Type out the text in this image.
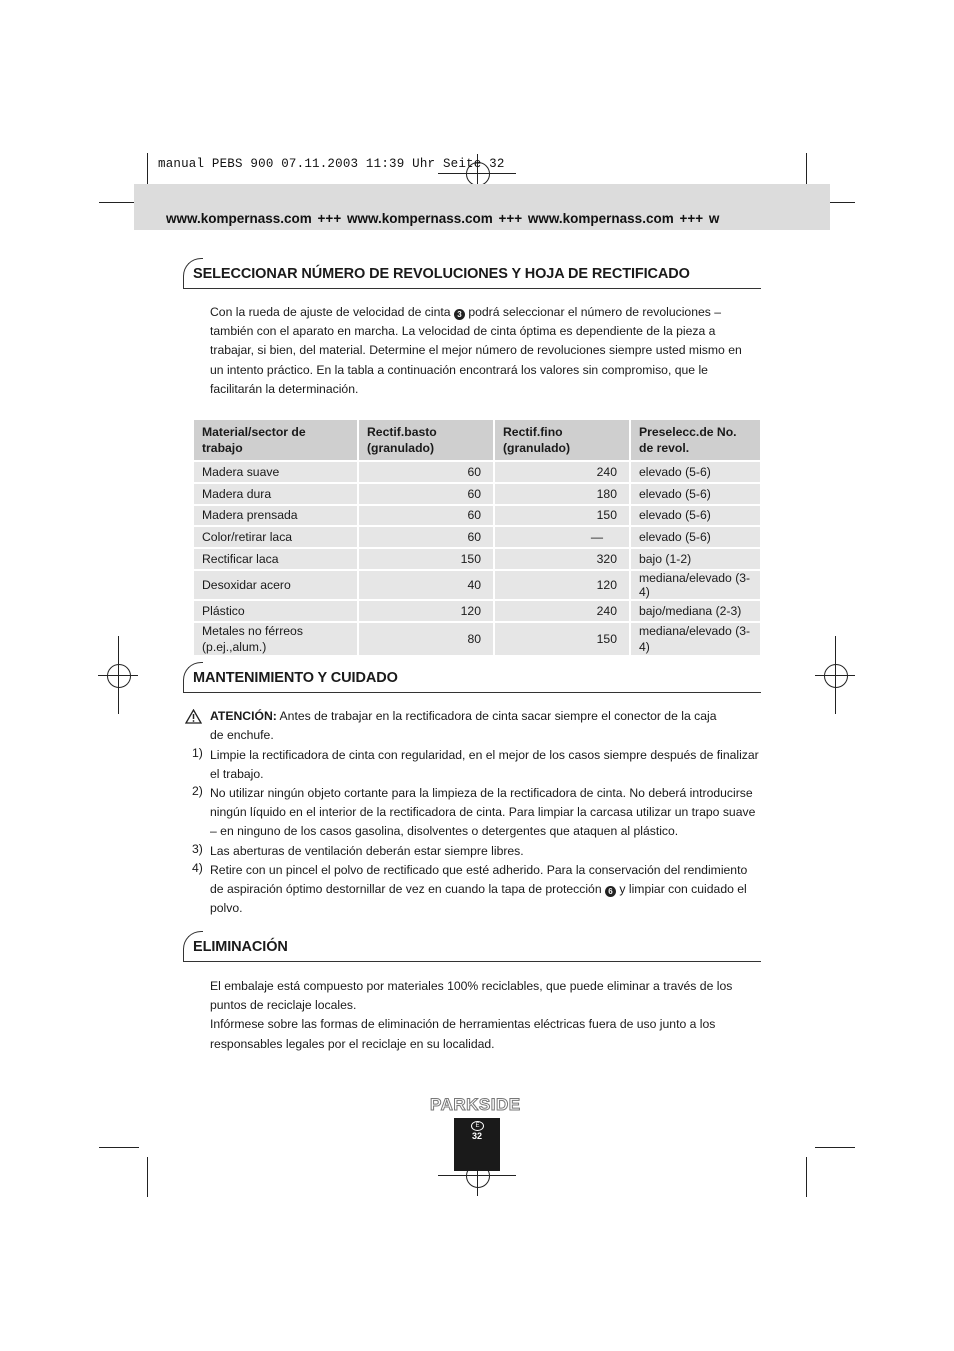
manual PEBS 900 07.11.2003 11:39 Uhr Seite 32
www.kompernass.com +++ www.kompernass.com +++ www.kompernass.com +++ w
SELECCIONAR NÚMERO DE REVOLUCIONES Y HOJA DE RECTIFICADO
Con la rueda de ajuste de velocidad de cinta 3 podrá seleccionar el número de revoluciones – también con el aparato en marcha. La velocidad de cinta óptima es dependiente de la pieza a trabajar, si bien, del material. Determine el mejor número de revoluciones siempre usted mismo en un intento práctico. En la tabla a continuación encontrará los valores sin compromiso, que le facilitarán la determinación.
Material/sector de trabajo	Rectif.basto (granulado)	Rectif.fino (granulado)	Preselecc.de No. de revol.
Madera suave	60	240	elevado (5-6)
Madera dura	60	180	elevado (5-6)
Madera prensada	60	150	elevado (5-6)
Color/retirar laca	60	—	elevado (5-6)
Rectificar laca	150	320	bajo (1-2)
Desoxidar acero	40	120	mediana/elevado (3-4)
Plástico	120	240	bajo/mediana (2-3)
Metales no férreos (p.ej.,alum.)	80	150	mediana/elevado (3-4)
MANTENIMIENTO Y CUIDADO
ATENCIÓN: Antes de trabajar en la rectificadora de cinta sacar siempre el conector de la caja de enchufe.
1) Limpie la rectificadora de cinta con regularidad, en el mejor de los casos siempre después de finalizar el trabajo.
2) No utilizar ningún objeto cortante para la limpieza de la rectificadora de cinta. No deberá introducirse ningún líquido en el interior de la rectificadora de cinta. Para limpiar la carcasa utilizar un trapo suave – en ninguno de los casos gasolina, disolventes o detergentes que ataquen al plástico.
3) Las aberturas de ventilación deberán estar siempre libres.
4) Retire con un pincel el polvo de rectificado que esté adherido. Para la conservación del rendimiento de aspiración óptimo destornillar de vez en cuando la tapa de protección 6 y limpiar con cuidado el polvo.
ELIMINACIÓN
El embalaje está compuesto por materiales 100% reciclables, que puede eliminar a través de los puntos de reciclaje locales.
Infórmese sobre las formas de eliminación de herramientas eléctricas fuera de uso junto a los responsables legales por el reciclaje en su localidad.
PARKSIDE
E
32
